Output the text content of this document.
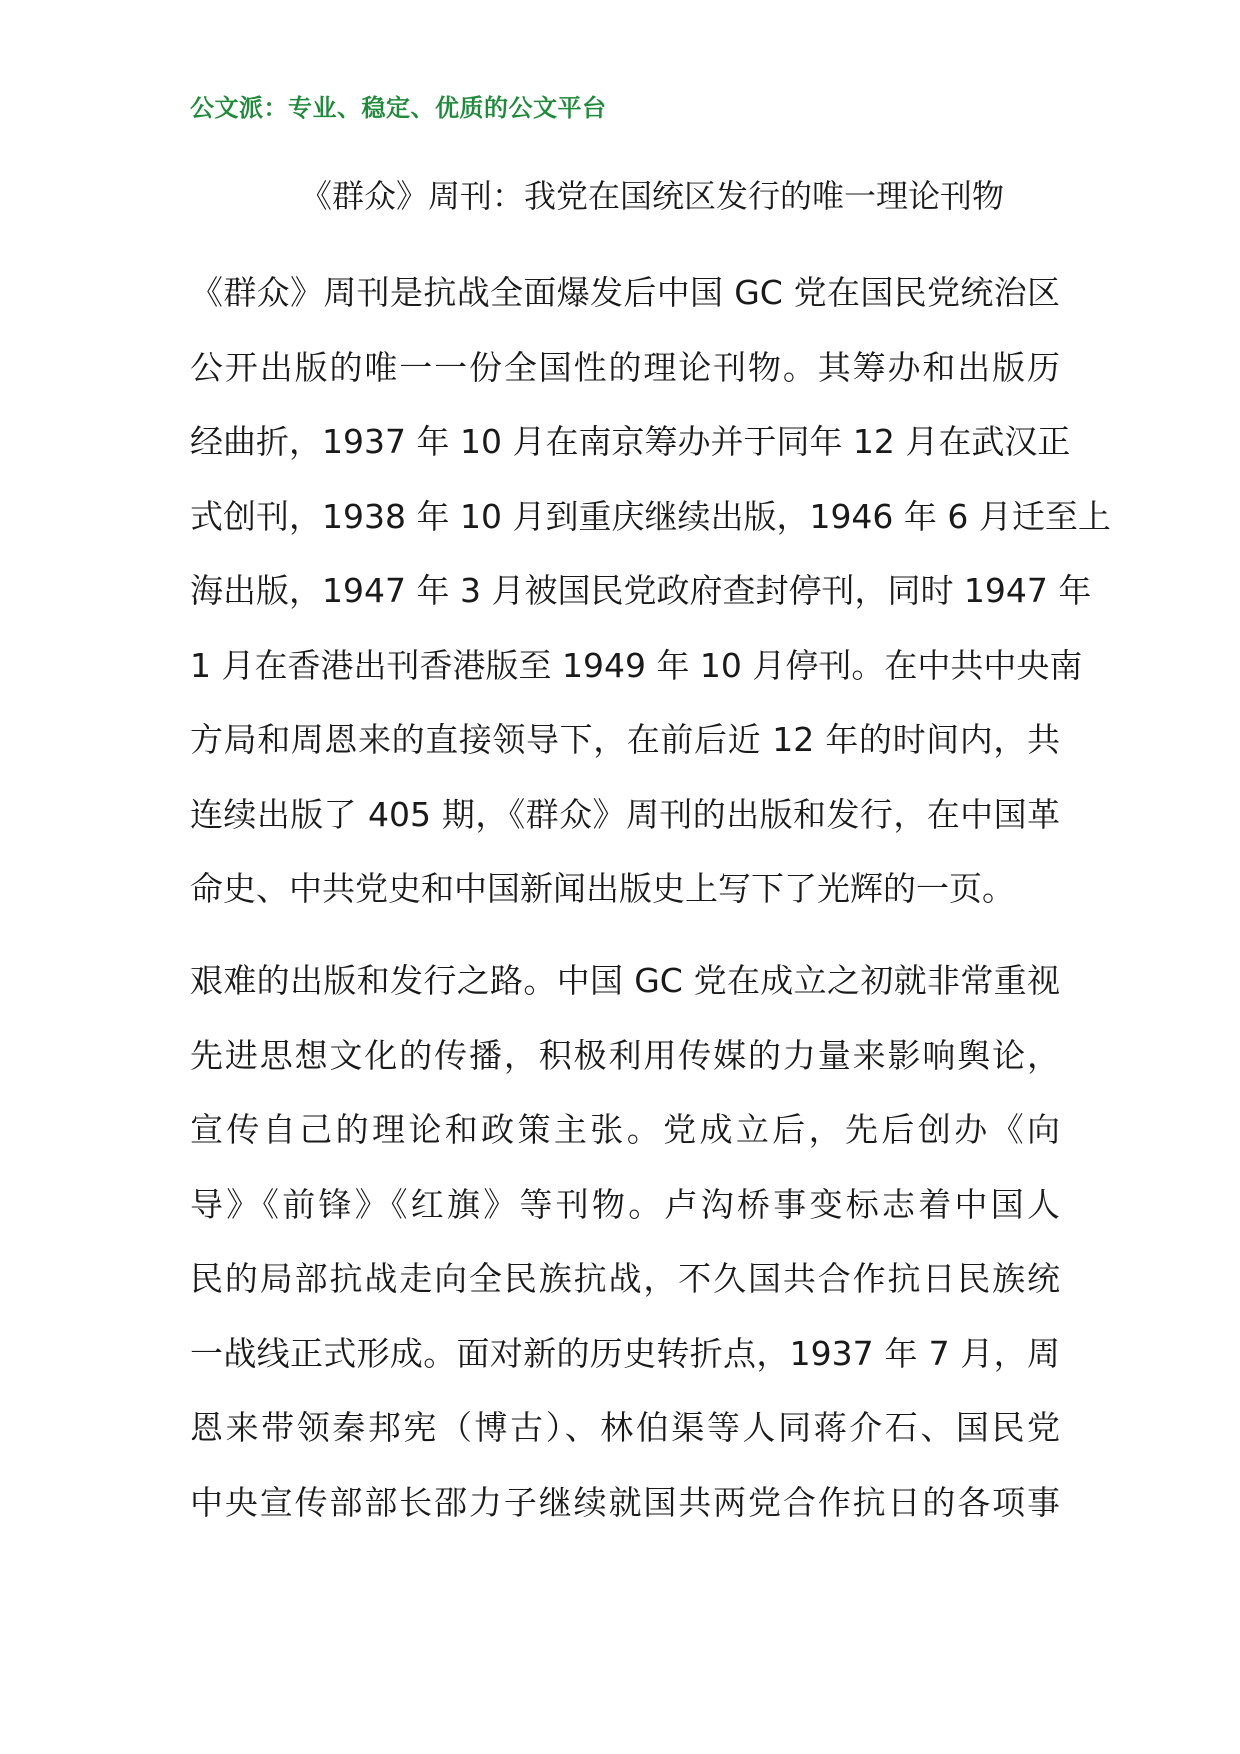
公文派：专业、稳定、优质的公文平台
《群众》周刊：我党在国统区发行的唯一理论刊物
《群众》周刊是抗战全面爆发后中国 GC 党在国民党统治区
公开出版的唯一一份全国性的理论刊物。其筹办和出版历
经曲折，1937 年 10 月在南京筹办并于同年 12 月在武汉正
式创刊，1938 年 10 月到重庆继续出版，1946 年 6 月迁至上
海出版，1947 年 3 月被国民党政府查封停刊，同时 1947 年
1 月在香港出刊香港版至 1949 年 10 月停刊。在中共中央南
方局和周恩来的直接领导下，在前后近 12 年的时间内，共
连续出版了 405 期，《群众》周刊的出版和发行，在中国革
命史、中共党史和中国新闻出版史上写下了光辉的一页。
艰难的出版和发行之路。中国 GC 党在成立之初就非常重视
先进思想文化的传播，积极利用传媒的力量来影响舆论，
宣传自己的理论和政策主张。党成立后，先后创办《向
导》《前锋》《红旗》等刊物。卢沟桥事变标志着中国人
民的局部抗战走向全民族抗战，不久国共合作抗日民族统
一战线正式形成。面对新的历史转折点，1937 年 7 月，周
恩来带领秦邦宪（博古）、林伯渠等人同蒋介石、国民党
中央宣传部部长邵力子继续就国共两党合作抗日的各项事
